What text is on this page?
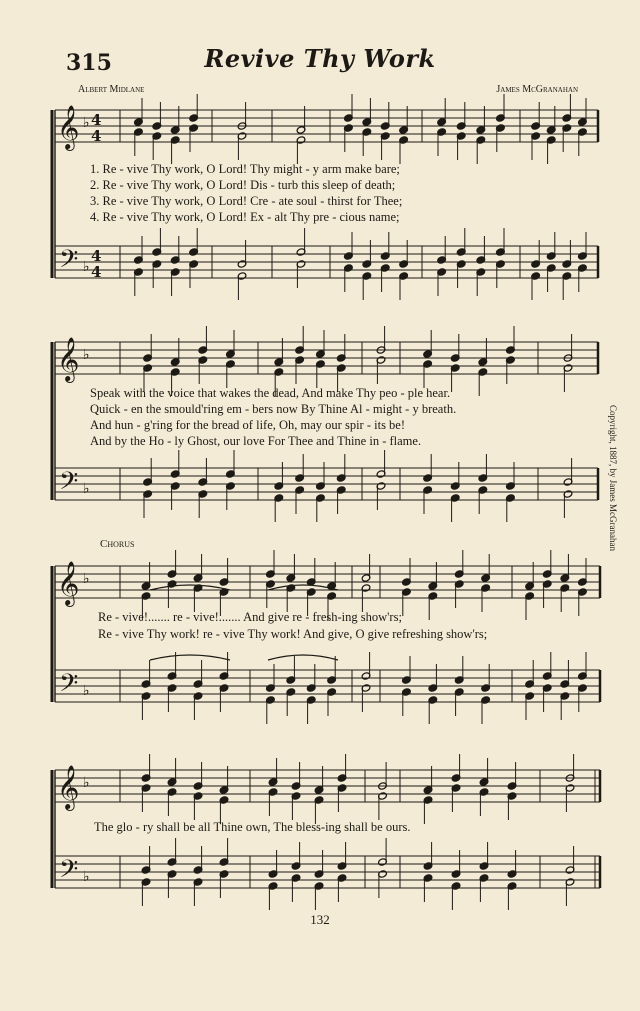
315	Revive Thy Work
Albert Midlane	James McGranahan
𝄞
𝄢
♭
♭
4
4
4
4
𝄞
𝄢
♭
♭
𝄞
𝄢
♭
♭
𝄞
𝄢
♭
♭
1. Re - vive Thy work, O Lord! Thy might - y arm make bare;
2. Re - vive Thy work, O Lord! Dis - turb this sleep of death;
3. Re - vive Thy work, O Lord! Cre - ate soul - thirst for Thee;
4. Re - vive Thy work, O Lord! Ex - alt Thy pre - cious name;
Speak with the voice that wakes the dead, And make Thy peo - ple hear.
Quick - en the smould'ring em - bers now By Thine Al - might - y breath.
And hun - g'ring for the bread of life, Oh, may our spir - its be!
And by the Ho - ly Ghost, our love For Thee and Thine in - flame.
Chorus
Re - vive!....... re - vive!....... And give re - fresh-ing show'rs;
Re - vive Thy work! re - vive Thy work! And give, O give refreshing show'rs;
The glo - ry shall be all Thine own, The bless-ing shall be ours.
Copyright, 1887, by James McGranahan
132
